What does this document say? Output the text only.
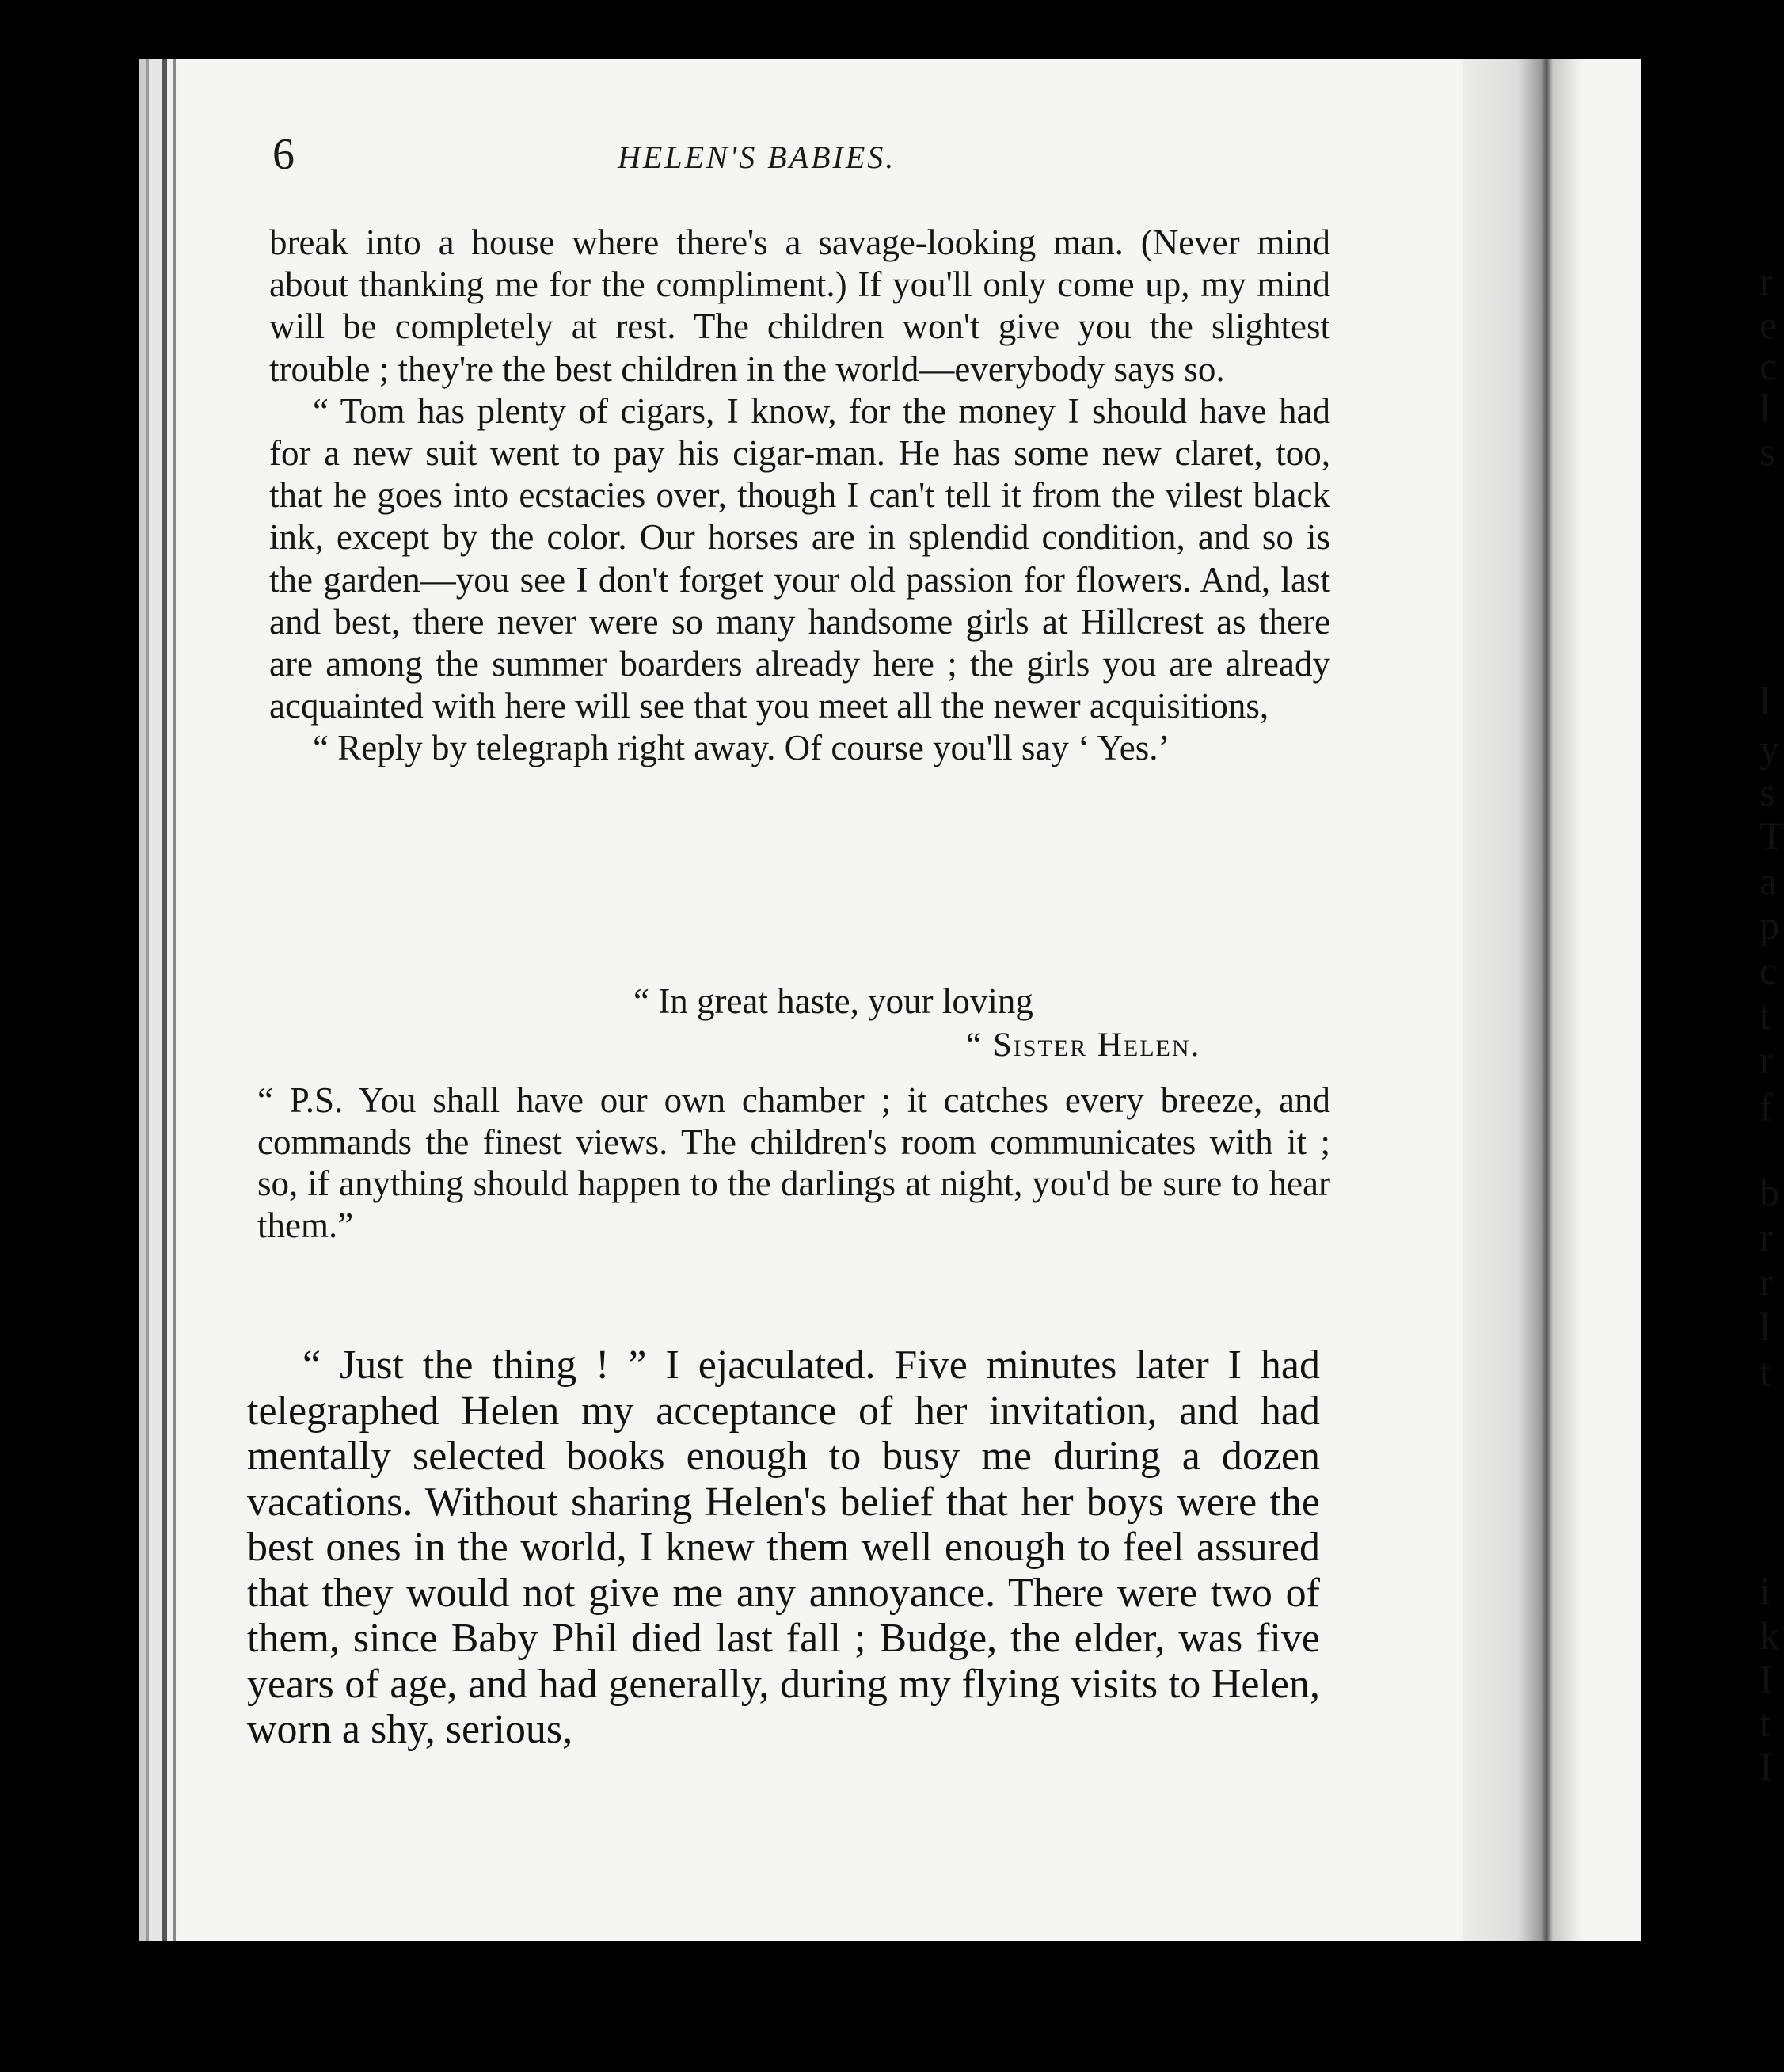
r
e
c
l
s
l
y
s
T
a
p
c
t
r
f
b
r
r
l
t
i
k
I
t
I
6	HELEN'S BABIES.

break into a house where there's a savage-looking man. (Never mind about thanking me for the compliment.) If you'll only come up, my mind will be completely at rest. The children won't give you the slightest trouble ; they're the best children in the world—everybody says so.

“ Tom has plenty of cigars, I know, for the money I should have had for a new suit went to pay his cigar-man. He has some new claret, too, that he goes into ecstacies over, though I can't tell it from the vilest black ink, except by the color. Our horses are in splendid condition, and so is the garden—you see I don't forget your old passion for flowers. And, last and best, there never were so many handsome girls at Hillcrest as there are among the summer boarders already here ; the girls you are already acquainted with here will see that you meet all the newer acquisitions,

“ Reply by telegraph right away. Of course you'll say ‘ Yes.’

“ In great haste, your loving
“ Sister Helen.

“ P.S. You shall have our own chamber ; it catches every breeze, and commands the finest views. The children's room communicates with it ; so, if anything should happen to the darlings at night, you'd be sure to hear them.”

“ Just the thing ! ” I ejaculated. Five minutes later I had telegraphed Helen my acceptance of her invitation, and had mentally selected books enough to busy me during a dozen vacations. Without sharing Helen's belief that her boys were the best ones in the world, I knew them well enough to feel assured that they would not give me any annoyance. There were two of them, since Baby Phil died last fall ; Budge, the elder, was five years of age, and had generally, during my flying visits to Helen, worn a shy, serious,
